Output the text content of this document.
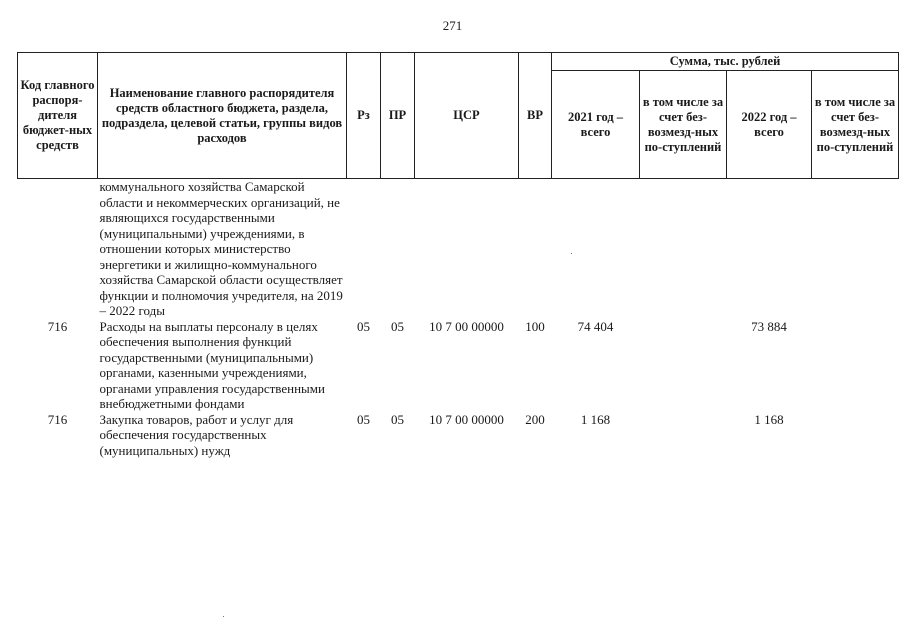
271
Код главного распоря-дителя бюджет-ных средств	Наименование главного распорядителя средств областного бюджета, раздела, подраздела, целевой статьи, группы видов расходов	Рз	ПР	ЦСР	ВР	Сумма, тыс. рублей			
						2021 год – всего	в том числе за счет без-возмезд-ных по-ступлений	2022 год – всего	в том числе за счет без-возмезд-ных по-ступлений
	коммунального хозяйства Самарской области и некоммерческих организаций, не являющихся государственными (муниципальными) учреждениями, в отношении которых министерство энергетики и жилищно-коммунального хозяйства Самарской области осуществляет функции и полномочия учредителя, на 2019 – 2022 годы								
716	Расходы на выплаты персоналу в целях обеспечения выполнения функций государственными (муниципальными) органами, казенными учреждениями, органами управления государственными внебюджетными фондами	05	05	10 7 00 00000	100	74 404		73 884	
716	Закупка товаров, работ и услуг для обеспечения государственных (муниципальных) нужд	05	05	10 7 00 00000	200	1 168		1 168	
